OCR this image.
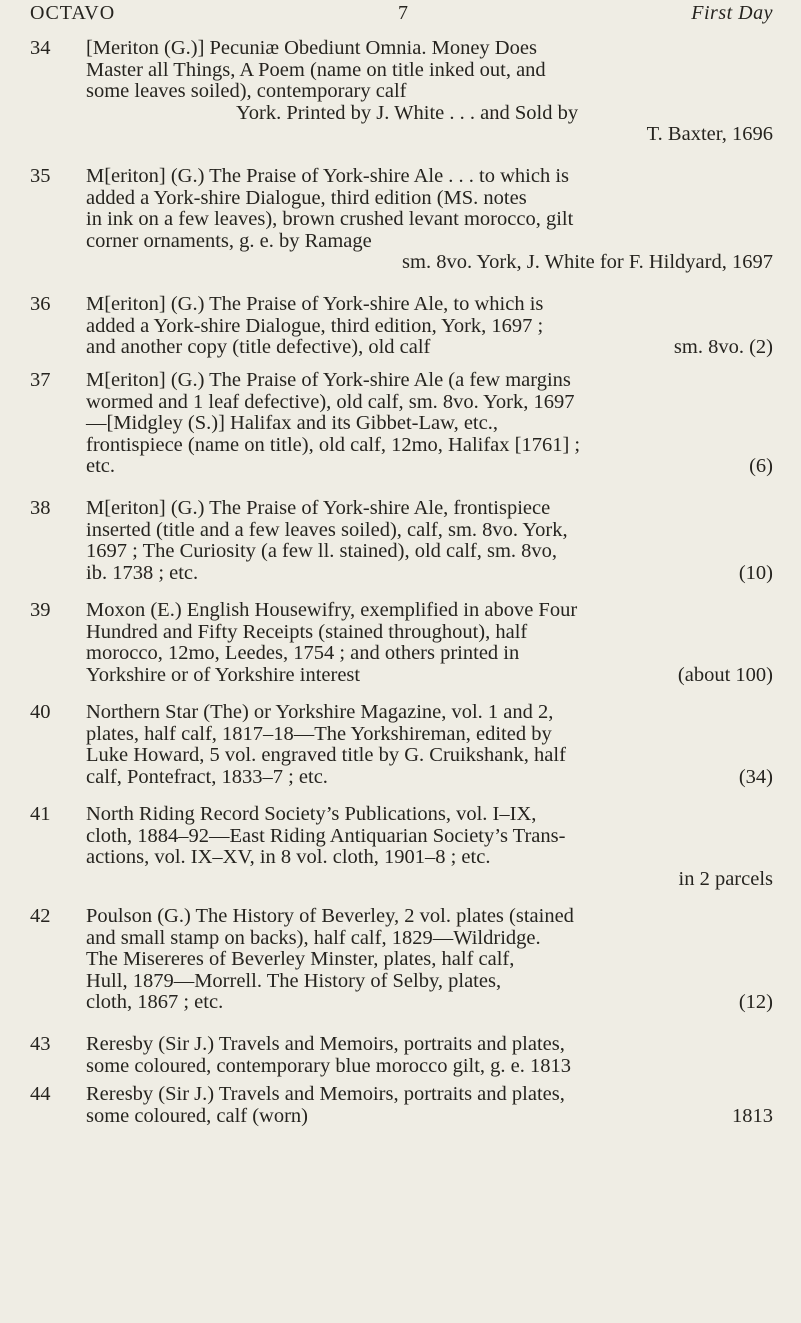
OCTAVO	7	First Day
34	[Meriton (G.)] Pecuniæ Obediunt Omnia. Money Does
Master all Things, A Poem (name on title inked out, and
some leaves soiled), contemporary calf
York. Printed by J. White . . . and Sold by
T. Baxter, 1696
35	M[eriton] (G.) The Praise of York-shire Ale . . . to which is
added a York-shire Dialogue, third edition (MS. notes
in ink on a few leaves), brown crushed levant morocco, gilt
corner ornaments, g. e. by Ramage
sm. 8vo. York, J. White for F. Hildyard, 1697
36	M[eriton] (G.) The Praise of York-shire Ale, to which is
added a York-shire Dialogue, third edition, York, 1697 ;
and another copy (title defective), old calf	sm. 8vo. (2)
37	M[eriton] (G.) The Praise of York-shire Ale (a few margins
wormed and 1 leaf defective), old calf, sm. 8vo. York, 1697
—[Midgley (S.)] Halifax and its Gibbet-Law, etc.,
frontispiece (name on title), old calf, 12mo, Halifax [1761] ;
etc.	(6)
38	M[eriton] (G.) The Praise of York-shire Ale, frontispiece
inserted (title and a few leaves soiled), calf, sm. 8vo. York,
1697 ; The Curiosity (a few ll. stained), old calf, sm. 8vo,
ib. 1738 ; etc.	(10)
39	Moxon (E.) English Housewifry, exemplified in above Four
Hundred and Fifty Receipts (stained throughout), half
morocco, 12mo, Leedes, 1754 ; and others printed in
Yorkshire or of Yorkshire interest	(about 100)
40	Northern Star (The) or Yorkshire Magazine, vol. 1 and 2,
plates, half calf, 1817–18—The Yorkshireman, edited by
Luke Howard, 5 vol. engraved title by G. Cruikshank, half
calf, Pontefract, 1833–7 ; etc.	(34)
41	North Riding Record Society’s Publications, vol. I–IX,
cloth, 1884–92—East Riding Antiquarian Society’s Trans-
actions, vol. IX–XV, in 8 vol. cloth, 1901–8 ; etc.
in 2 parcels
42	Poulson (G.) The History of Beverley, 2 vol. plates (stained
and small stamp on backs), half calf, 1829—Wildridge.
The Misereres of Beverley Minster, plates, half calf,
Hull, 1879—Morrell. The History of Selby, plates,
cloth, 1867 ; etc.	(12)
43	Reresby (Sir J.) Travels and Memoirs, portraits and plates,
some coloured, contemporary blue morocco gilt, g. e. 1813
44	Reresby (Sir J.) Travels and Memoirs, portraits and plates,
some coloured, calf (worn)	1813
